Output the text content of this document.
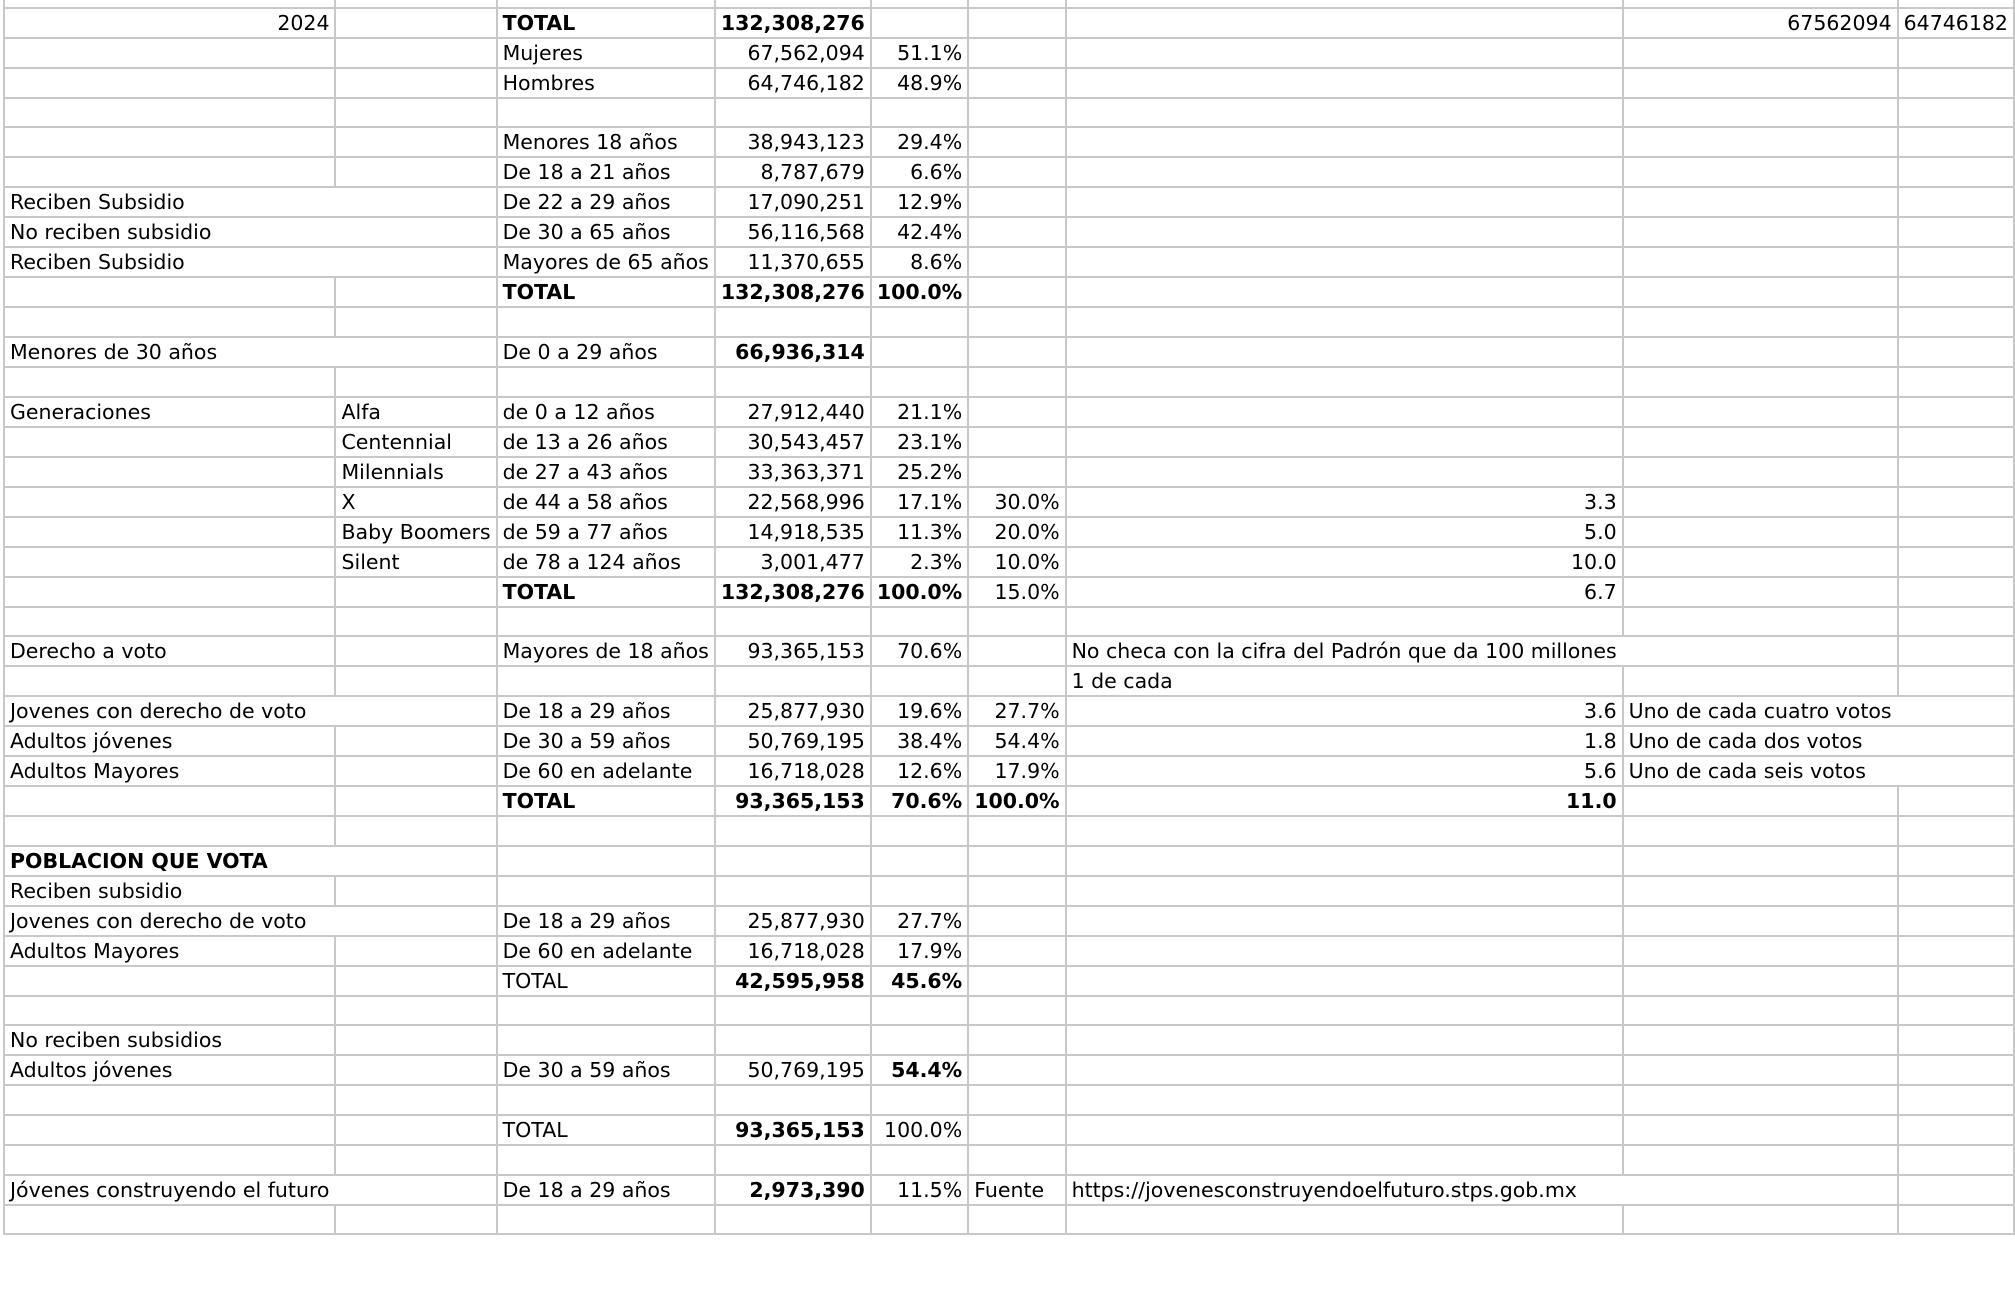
2024		TOTAL	132,308,276				67562094	64746182
		Mujeres	67,562,094	51.1%				
		Hombres	64,746,182	48.9%				

		Menores 18 años	38,943,123	29.4%				
		De 18 a 21 años	8,787,679	6.6%				
Reciben Subsidio		De 22 a 29 años	17,090,251	12.9%				
No reciben subsidio		De 30 a 65 años	56,116,568	42.4%				
Reciben Subsidio		Mayores de 65 años	11,370,655	8.6%				
		TOTAL	132,308,276	100.0%				

Menores de 30 años		De 0 a 29 años	66,936,314					

Generaciones	Alfa	de 0 a 12 años	27,912,440	21.1%				
	Centennial	de 13 a 26 años	30,543,457	23.1%				
	Milennials	de 27 a 43 años	33,363,371	25.2%				
	X	de 44 a 58 años	22,568,996	17.1%	30.0%	3.3		
	Baby Boomers	de 59 a 77 años	14,918,535	11.3%	20.0%	5.0		
	Silent	de 78 a 124 años	3,001,477	2.3%	10.0%	10.0		
		TOTAL	132,308,276	100.0%	15.0%	6.7		

Derecho a voto		Mayores de 18 años	93,365,153	70.6%		No checa con la cifra del Padrón que da 100 millones		
						1 de cada		
Jovenes con derecho de voto		De 18 a 29 años	25,877,930	19.6%	27.7%	3.6	Uno de cada cuatro votos	
Adultos jóvenes		De 30 a 59 años	50,769,195	38.4%	54.4%	1.8	Uno de cada dos votos	
Adultos Mayores		De 60 en adelante	16,718,028	12.6%	17.9%	5.6	Uno de cada seis votos	
		TOTAL	93,365,153	70.6%	100.0%	11.0		

POBLACION QUE VOTA								
Reciben subsidio								
Jovenes con derecho de voto		De 18 a 29 años	25,877,930	27.7%				
Adultos Mayores		De 60 en adelante	16,718,028	17.9%				
		TOTAL	42,595,958	45.6%				

No reciben subsidios								
Adultos jóvenes		De 30 a 59 años	50,769,195	54.4%				

		TOTAL	93,365,153	100.0%				

Jóvenes construyendo el futuro		De 18 a 29 años	2,973,390	11.5%	Fuente	https://jovenesconstruyendoelfuturo.stps.gob.mx		
